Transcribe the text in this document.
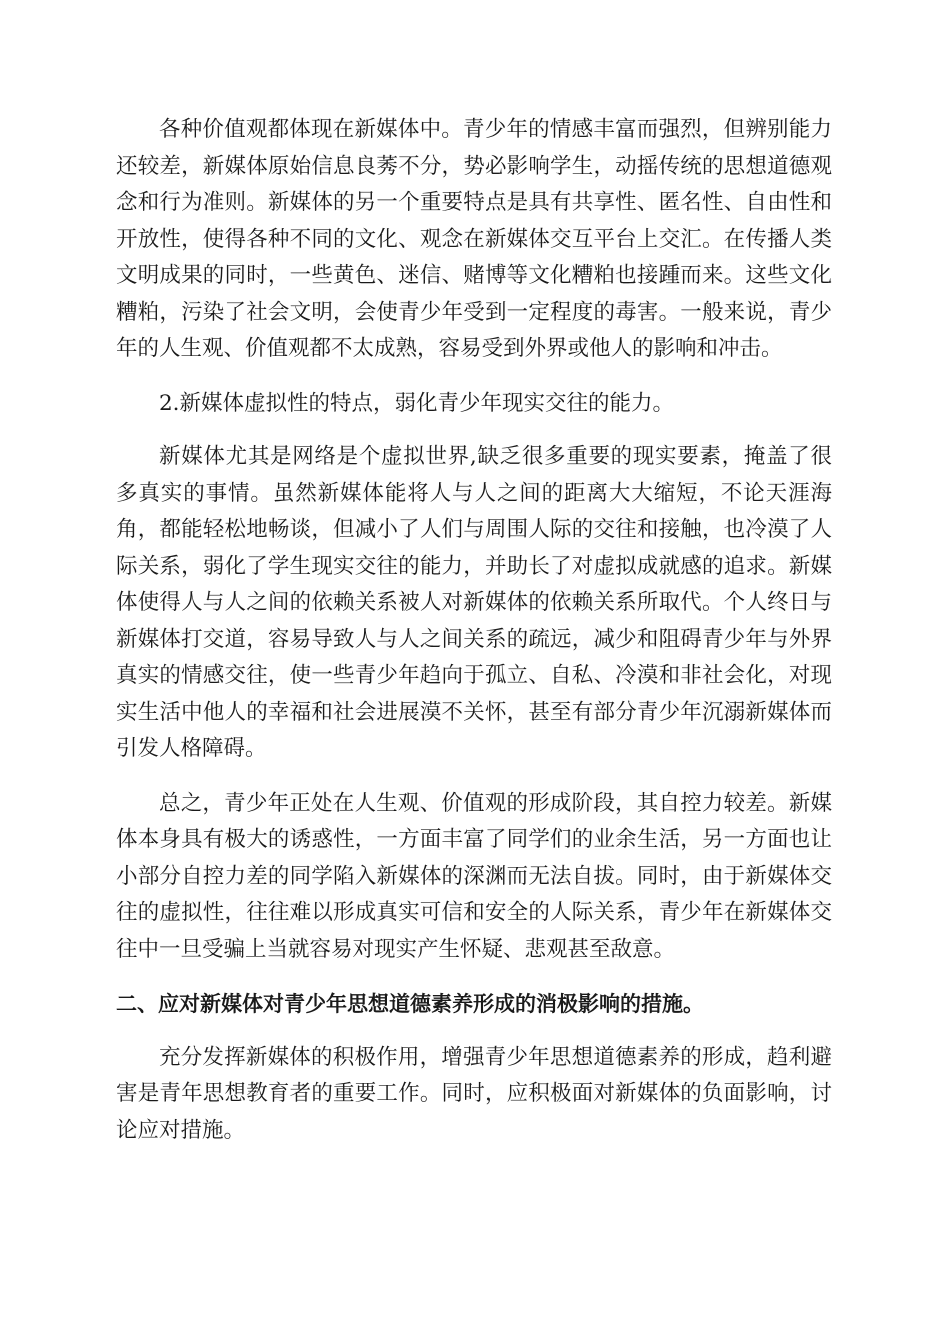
各种价值观都体现在新媒体中。青少年的情感丰富而强烈，但辨别能力还较差，新媒体原始信息良莠不分，势必影响学生，动摇传统的思想道德观念和行为准则。新媒体的另一个重要特点是具有共享性、匿名性、自由性和开放性，使得各种不同的文化、观念在新媒体交互平台上交汇。在传播人类文明成果的同时，一些黄色、迷信、赌博等文化糟粕也接踵而来。这些文化糟粕，污染了社会文明，会使青少年受到一定程度的毒害。一般来说，青少年的人生观、价值观都不太成熟，容易受到外界或他人的影响和冲击。

2.新媒体虚拟性的特点，弱化青少年现实交往的能力。

新媒体尤其是网络是个虚拟世界,缺乏很多重要的现实要素，掩盖了很多真实的事情。虽然新媒体能将人与人之间的距离大大缩短，不论天涯海角，都能轻松地畅谈，但减小了人们与周围人际的交往和接触，也冷漠了人际关系，弱化了学生现实交往的能力，并助长了对虚拟成就感的追求。新媒体使得人与人之间的依赖关系被人对新媒体的依赖关系所取代。个人终日与新媒体打交道，容易导致人与人之间关系的疏远，减少和阻碍青少年与外界真实的情感交往，使一些青少年趋向于孤立、自私、冷漠和非社会化，对现实生活中他人的幸福和社会进展漠不关怀，甚至有部分青少年沉溺新媒体而引发人格障碍。

总之，青少年正处在人生观、价值观的形成阶段，其自控力较差。新媒体本身具有极大的诱惑性，一方面丰富了同学们的业余生活，另一方面也让小部分自控力差的同学陷入新媒体的深渊而无法自拔。同时，由于新媒体交往的虚拟性，往往难以形成真实可信和安全的人际关系，青少年在新媒体交往中一旦受骗上当就容易对现实产生怀疑、悲观甚至敌意。

二、应对新媒体对青少年思想道德素养形成的消极影响的措施。

充分发挥新媒体的积极作用，增强青少年思想道德素养的形成，趋利避害是青年思想教育者的重要工作。同时，应积极面对新媒体的负面影响，讨论应对措施。
